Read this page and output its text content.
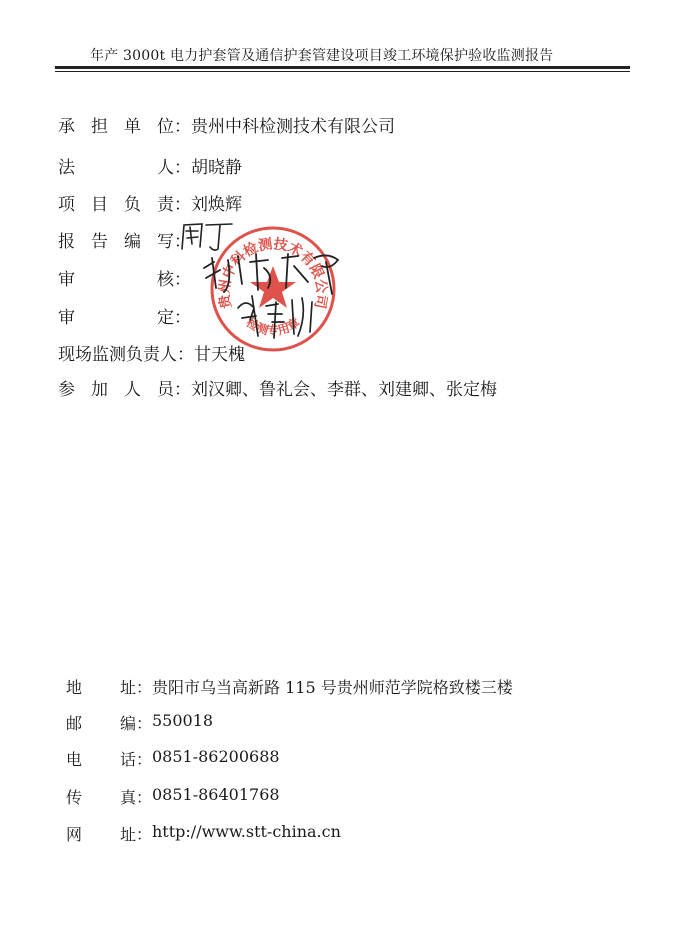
年产 3000t 电力护套管及通信护套管建设项目竣工环境保护验收监测报告
承 担 单 位 ： 贵州中科检测技术有限公司
法	人 ： 胡晓静
项 目 负 责 ： 刘焕辉
报 告 编 写 ：
审	核 ：
审	定 ：
现场监测负责人 ： 甘天槐
参 加 人 员 ： 刘汉卿、鲁礼会、李群、刘建卿、张定梅
贵州中科检测技术有限公司
检测专用章
地 址 ： 贵阳市乌当高新路 115 号贵州师范学院格致楼三楼
邮 编 ： 550018
电 话 ： 0851-86200688
传 真 ： 0851-86401768
网 址 ： http://www.stt-china.cn
